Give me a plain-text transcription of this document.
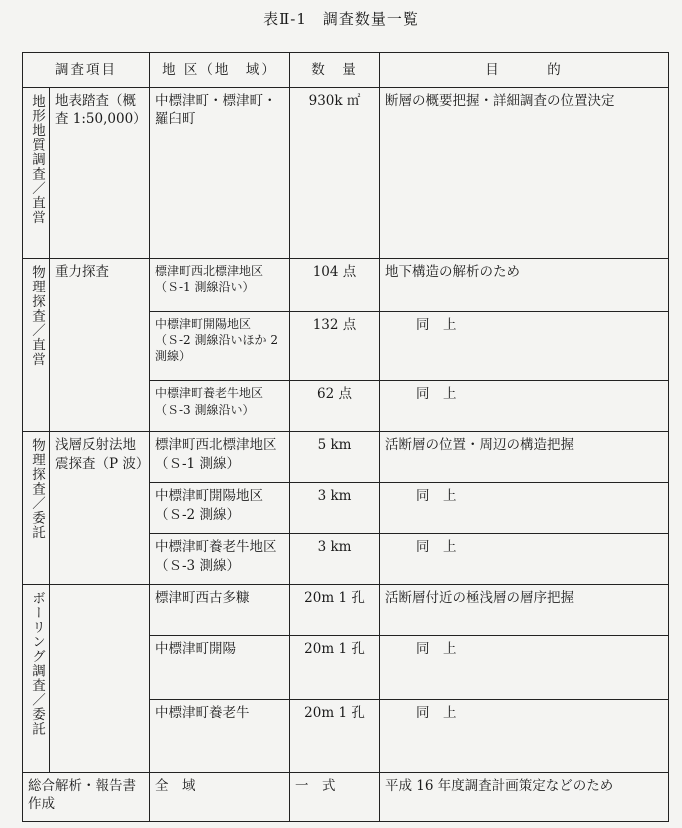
表Ⅱ-1　調査数量一覧
調査項目		地 区（地　域）	数　量	目　　　的
地形地質調査／直営	地表踏査（概査 1:50,000）	中標津町・標津町・羅臼町	930k ㎡	断層の概要把握・詳細調査の位置決定
物理探査／直営	重力探査	標津町西北標津地区（Ｓ-1 測線沿い）	104 点	地下構造の解析のため
		中標津町開陽地区（Ｓ-2 測線沿いほか 2 測線）	132 点	同　上
		中標津町養老牛地区（Ｓ-3 測線沿い）	62 点	同　上
物理探査／委託	浅層反射法地震探査（P 波）	標津町西北標津地区（Ｓ-1 測線）	5 km	活断層の位置・周辺の構造把握
		中標津町開陽地区（Ｓ-2 測線）	3 km	同　上
		中標津町養老牛地区（Ｓ-3 測線）	3 km	同　上
ボーリング調査／委託		標津町西古多糠	20m 1 孔	活断層付近の極浅層の層序把握
		中標津町開陽	20m 1 孔	同　上
		中標津町養老牛	20m 1 孔	同　上
総合解析・報告書作成		全　域	一　式	平成 16 年度調査計画策定などのため
